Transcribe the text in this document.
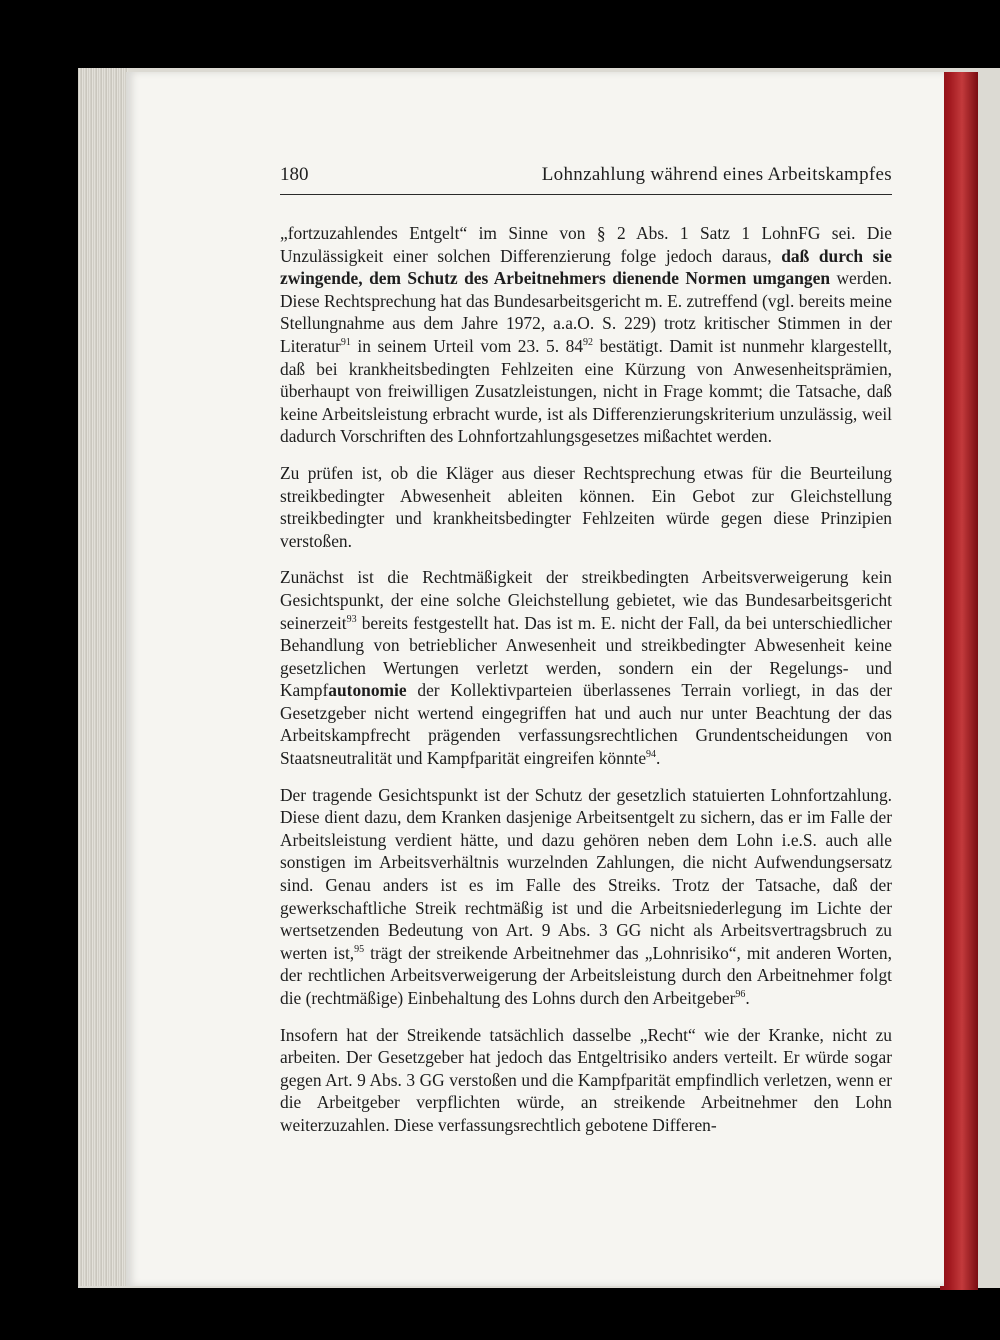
180	Lohnzahlung während eines Arbeitskampfes

„fortzuzahlendes Entgelt“ im Sinne von § 2 Abs. 1 Satz 1 LohnFG sei. Die Unzulässigkeit einer solchen Differenzierung folge jedoch daraus, daß durch sie zwingende, dem Schutz des Arbeitnehmers dienende Normen umgangen werden. Diese Rechtsprechung hat das Bundesarbeitsgericht m. E. zutreffend (vgl. bereits meine Stellungnahme aus dem Jahre 1972, a.a.O. S. 229) trotz kritischer Stimmen in der Literatur$^{91}$ in seinem Urteil vom 23. 5. $84^{92}$ bestätigt. Damit ist nunmehr klargestellt, daß bei krankheitsbedingten Fehlzeiten eine Kürzung von Anwesenheitsprämien, überhaupt von freiwilligen Zusatzleistungen, nicht in Frage kommt; die Tatsache, daß keine Arbeitsleistung erbracht wurde, ist als Differenzierungskriterium unzulässig, weil dadurch Vorschriften des Lohnfortzahlungsgesetzes mißachtet werden.

Zu prüfen ist, ob die Kläger aus dieser Rechtsprechung etwas für die Beurteilung streikbedingter Abwesenheit ableiten können. Ein Gebot zur Gleichstellung streikbedingter und krankheitsbedingter Fehlzeiten würde gegen diese Prinzipien verstoßen.

Zunächst ist die Rechtmäßigkeit der streikbedingten Arbeitsverweigerung kein Gesichtspunkt, der eine solche Gleichstellung gebietet, wie das Bundesarbeitsgericht seinerzeit$^{93}$ bereits festgestellt hat. Das ist m. E. nicht der Fall, da bei unterschiedlicher Behandlung von betrieblicher Anwesenheit und streikbedingter Abwesenheit keine gesetzlichen Wertungen verletzt werden, sondern ein der Regelungs- und Kampfautonomie der Kollektivparteien überlassenes Terrain vorliegt, in das der Gesetzgeber nicht wertend eingegriffen hat und auch nur unter Beachtung der das Arbeitskampfrecht prägenden verfassungsrechtlichen Grundentscheidungen von Staatsneutralität und Kampfparität eingreifen könnte$^{94}$.

Der tragende Gesichtspunkt ist der Schutz der gesetzlich statuierten Lohnfortzahlung. Diese dient dazu, dem Kranken dasjenige Arbeitsentgelt zu sichern, das er im Falle der Arbeitsleistung verdient hätte, und dazu gehören neben dem Lohn i.e.S. auch alle sonstigen im Arbeitsverhältnis wurzelnden Zahlungen, die nicht Aufwendungsersatz sind. Genau anders ist es im Falle des Streiks. Trotz der Tatsache, daß der gewerkschaftliche Streik rechtmäßig ist und die Arbeitsniederlegung im Lichte der wertsetzenden Bedeutung von Art. 9 Abs. 3 GG nicht als Arbeitsvertragsbruch zu werten ist,$^{95}$ trägt der streikende Arbeitnehmer das „Lohnrisiko“, mit anderen Worten, der rechtlichen Arbeitsverweigerung der Arbeitsleistung durch den Arbeitnehmer folgt die (rechtmäßige) Einbehaltung des Lohns durch den Arbeitgeber$^{96}$.

Insofern hat der Streikende tatsächlich dasselbe „Recht“ wie der Kranke, nicht zu arbeiten. Der Gesetzgeber hat jedoch das Entgeltrisiko anders verteilt. Er würde sogar gegen Art. 9 Abs. 3 GG verstoßen und die Kampfparität empfindlich verletzen, wenn er die Arbeitgeber verpflichten würde, an streikende Arbeitnehmer den Lohn weiterzuzahlen. Diese verfassungsrechtlich gebotene Differen-
